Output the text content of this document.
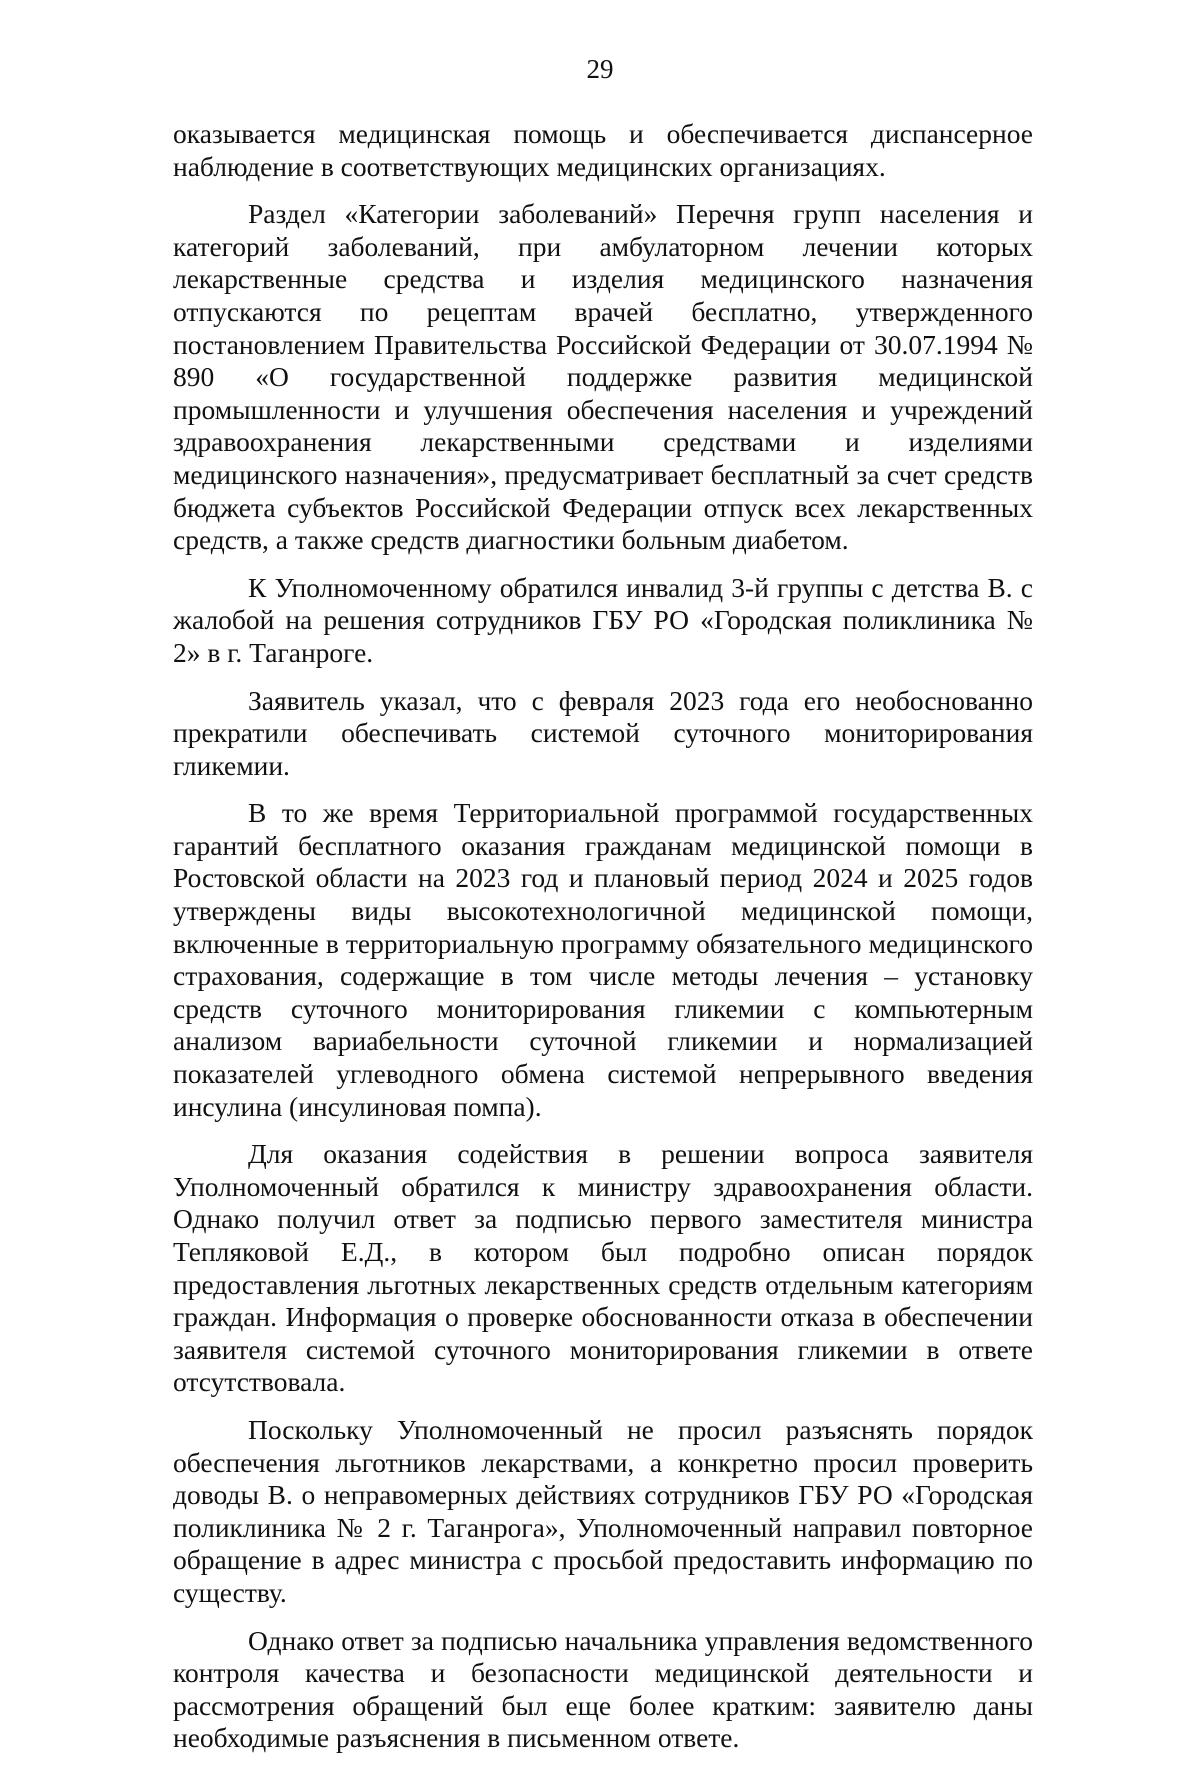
29

оказывается медицинская помощь и обеспечивается диспансерное наблюдение в соответствующих медицинских организациях.

Раздел «Категории заболеваний» Перечня групп населения и категорий заболеваний, при амбулаторном лечении которых лекарственные средства и изделия медицинского назначения отпускаются по рецептам врачей бесплатно, утвержденного постановлением Правительства Российской Федерации от 30.07.1994 № 890 «О государственной поддержке развития медицинской промышленности и улучшения обеспечения населения и учреждений здравоохранения лекарственными средствами и изделиями медицинского назначения», предусматривает бесплатный за счет средств бюджета субъектов Российской Федерации отпуск всех лекарственных средств, а также средств диагностики больным диабетом.

К Уполномоченному обратился инвалид 3-й группы с детства В. с жалобой на решения сотрудников ГБУ РО «Городская поликлиника № 2» в г. Таганроге.

Заявитель указал, что с февраля 2023 года его необоснованно прекратили обеспечивать системой суточного мониторирования гликемии.

В то же время Территориальной программой государственных гарантий бесплатного оказания гражданам медицинской помощи в Ростовской области на 2023 год и плановый период 2024 и 2025 годов утверждены виды высокотехнологичной медицинской помощи, включенные в территориальную программу обязательного медицинского страхования, содержащие в том числе методы лечения – установку средств суточного мониторирования гликемии с компьютерным анализом вариабельности суточной гликемии и нормализацией показателей углеводного обмена системой непрерывного введения инсулина (инсулиновая помпа).

Для оказания содействия в решении вопроса заявителя Уполномоченный обратился к министру здравоохранения области. Однако получил ответ за подписью первого заместителя министра Тепляковой Е.Д., в котором был подробно описан порядок предоставления льготных лекарственных средств отдельным категориям граждан. Информация о проверке обоснованности отказа в обеспечении заявителя системой суточного мониторирования гликемии в ответе отсутствовала.

Поскольку Уполномоченный не просил разъяснять порядок обеспечения льготников лекарствами, а конкретно просил проверить доводы В. о неправомерных действиях сотрудников ГБУ РО «Городская поликлиника № 2 г. Таганрога», Уполномоченный направил повторное обращение в адрес министра с просьбой предоставить информацию по существу.

Однако ответ за подписью начальника управления ведомственного контроля качества и безопасности медицинской деятельности и рассмотрения обращений был еще более кратким: заявителю даны необходимые разъяснения в письменном ответе.
